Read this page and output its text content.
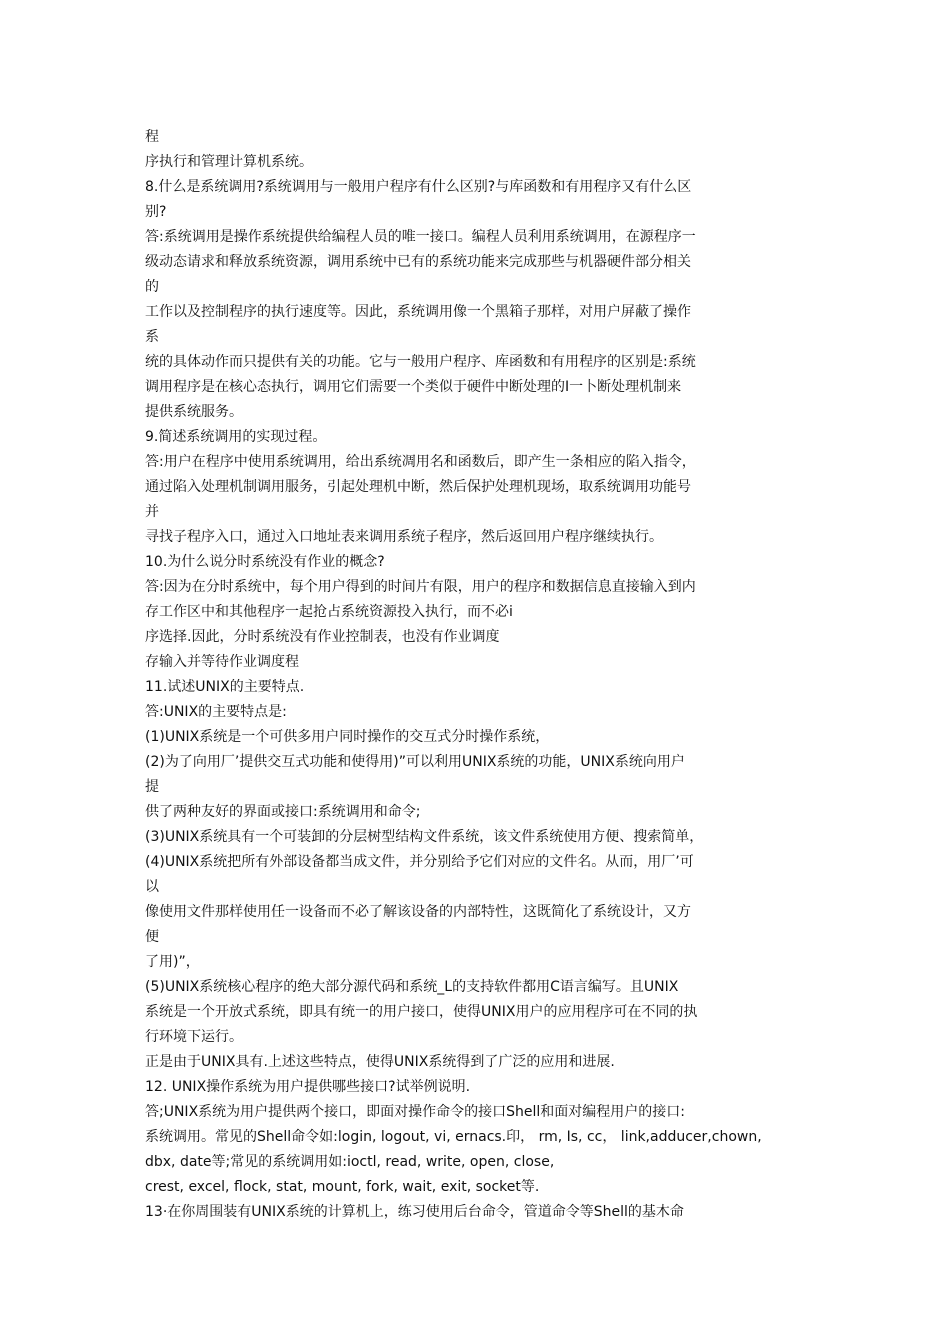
程
序执行和管理计算机系统。
8.什么是系统调用?系统调用与一般用户程序有什么区别?与库函数和有用程序又有什么区
别?
答:系统调用是操作系统提供给编程人员的唯一接口。编程人员利用系统调用，在源程序一
级动态请求和释放系统资源，调用系统中已有的系统功能来完成那些与机器硬件部分相关
的
工作以及控制程序的执行速度等。因此，系统调用像一个黑箱子那样，对用户屏蔽了操作
系
统的具体动作而只提供有关的功能。它与一般用户程序、库函数和有用程序的区别是:系统
调用程序是在核心态执行，调用它们需要一个类似于硬件中断处理的I一卜断处理机制来
提供系统服务。
9.简述系统调用的实现过程。
答:用户在程序中使用系统调用，给出系统凋用名和函数后，即产生一条相应的陷入指令，
通过陷入处理机制调用服务，引起处理机中断，然后保护处理机现场，取系统调用功能号
并
寻找子程序入口，通过入口地址表来调用系统子程序，然后返回用户程序继续执行。
10.为什么说分时系统没有作业的概念?
答:因为在分时系统中，每个用户得到的时间片有限，用户的程序和数据信息直接输入到内
存工作区中和其他程序一起抢占系统资源投入执行，而不必i
序选择.因此，分时系统没有作业控制表，也没有作业调度
存输入并等待作业调度程
11.试述UNIX的主要特点.
答:UNIX的主要特点是:
(1)UNIX系统是一个可供多用户同时操作的交互式分时操作系统，
(2)为了向用厂’提供交互式功能和使得用)”可以利用UNIX系统的功能，UNIX系统向用户
提
供了两种友好的界面或接口:系统调用和命令;
(3)UNIX系统具有一个可装卸的分层树型结构文件系统，该文件系统使用方便、搜索简单，
(4)UNIX系统把所有外部设备都当成文件，并分别给予它们对应的文件名。从而，用厂’可
以
像使用文件那样使用任一设备而不必了解该设备的内部特性，这既简化了系统设计，又方
便
了用)”，
(5)UNIX系统核心程序的绝大部分源代码和系统_L的支持软件都用C语言编写。且UNIX
系统是一个开放式系统，即具有统一的用户接口，使得UNIX用户的应用程序可在不同的执
行环境下运行。
正是由于UNIX具有.上述这些特点，使得UNIX系统得到了广泛的应用和进展.
12. UNIX操作系统为用户提供哪些接口?试举例说明.
答;UNIX系统为用户提供两个接口，即面对操作命令的接口Shell和面对编程用户的接口:
系统调用。常见的Shell命令如:login, logout, vi, ernacs.印， rm, Is, cc， link,adducer,chown,
dbx, date等;常见的系统调用如:ioctl, read, write, open, close,
crest, excel, flock, stat, mount, fork, wait, exit, socket等.
13·在你周围装有UNIX系统的计算机上，练习使用后台命令，管道命令等Shell的基木命
